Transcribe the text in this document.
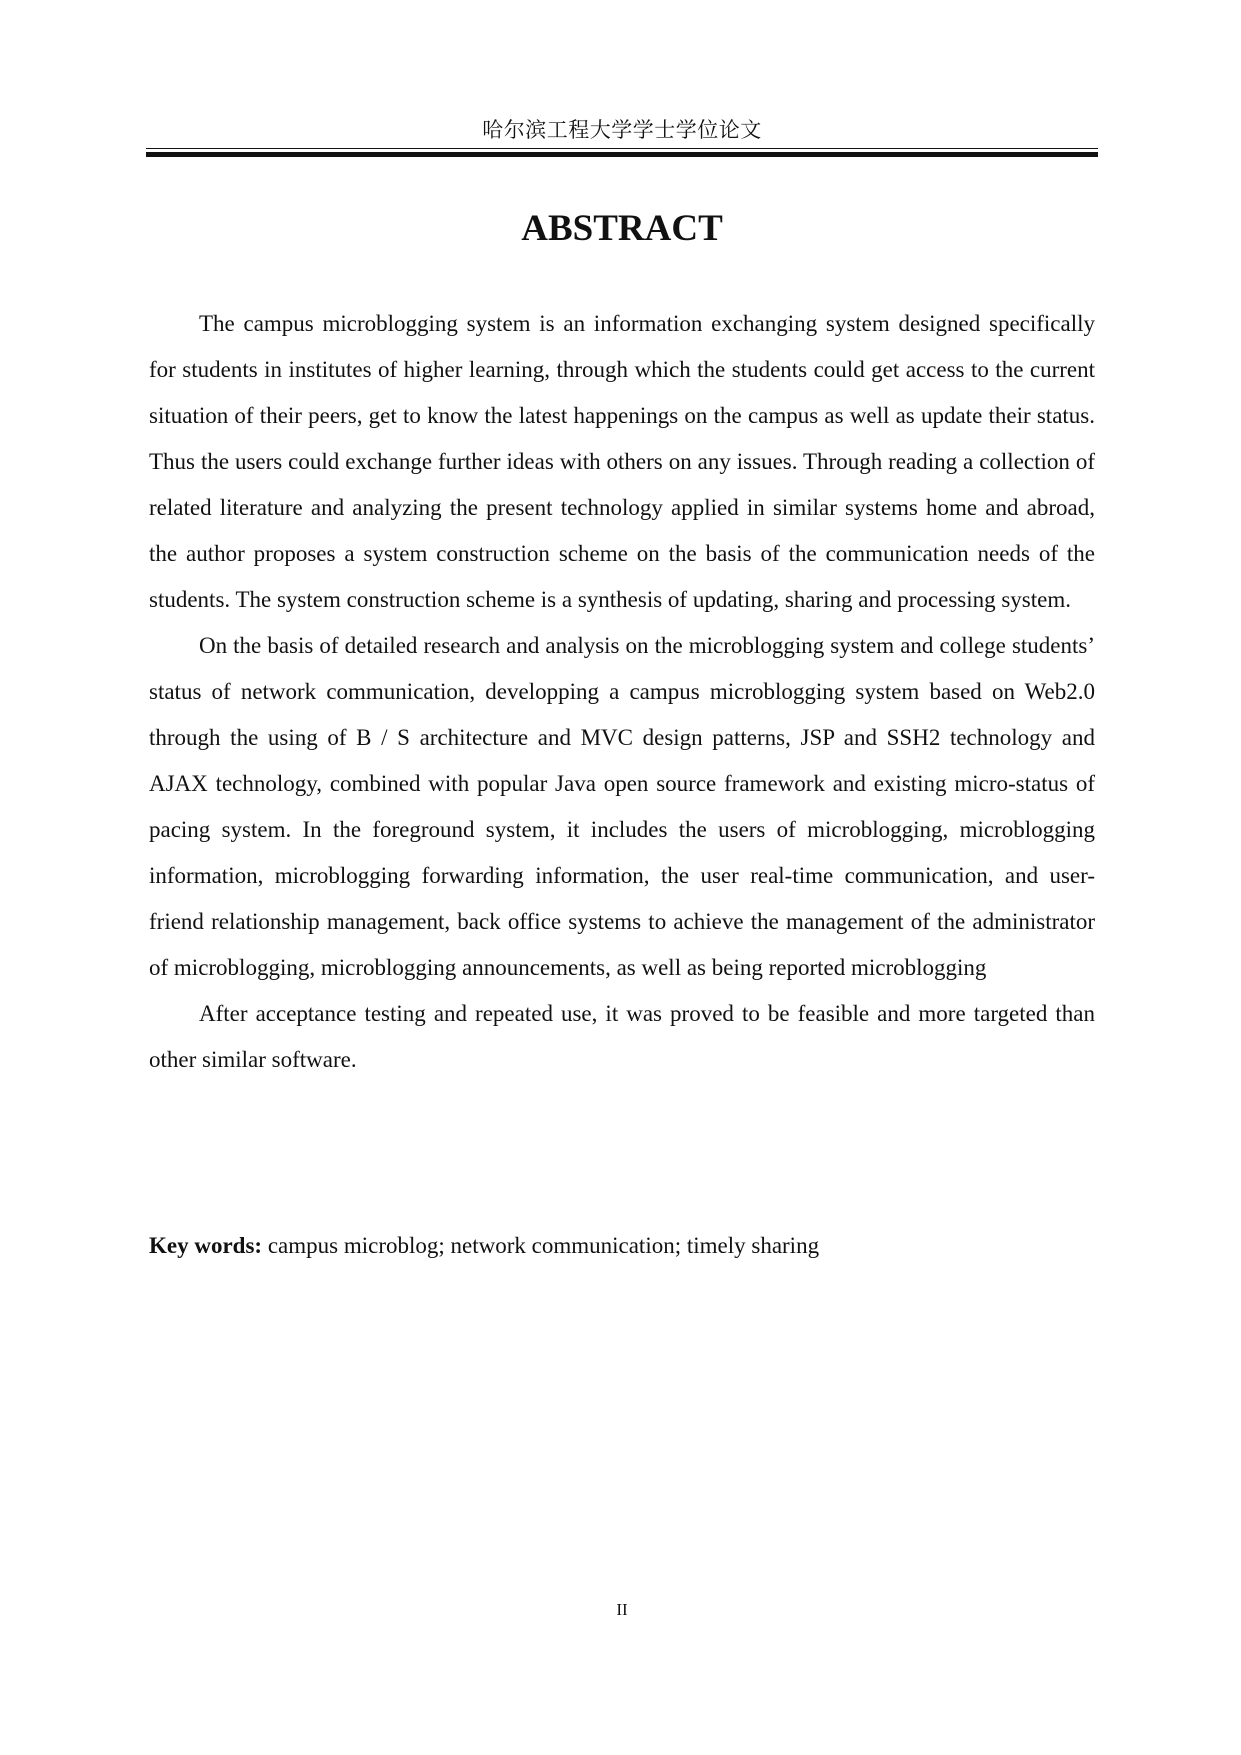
哈尔滨工程大学学士学位论文
ABSTRACT

The campus microblogging system is an information exchanging system designed specifically for students in institutes of higher learning, through which the students could get access to the current situation of their peers, get to know the latest happenings on the campus as well as update their status. Thus the users could exchange further ideas with others on any issues. Through reading a collection of related literature and analyzing the present technology applied in similar systems home and abroad, the author proposes a system construction scheme on the basis of the communication needs of the students. The system construction scheme is a synthesis of updating, sharing and processing system.

On the basis of detailed research and analysis on the microblogging system and college students’ status of network communication, developping a campus microblogging system based on Web2.0 through the using of B / S architecture and MVC design patterns, JSP and SSH2 technology and AJAX technology, combined with popular Java open source framework and existing micro-status of pacing system. In the foreground system, it includes the users of microblogging, microblogging information, microblogging forwarding information, the user real-time communication, and user-friend relationship management, back office systems to achieve the management of the administrator of microblogging, microblogging announcements, as well as being reported microblogging

After acceptance testing and repeated use, it was proved to be feasible and more targeted than other similar software.

Key words: campus microblog; network communication; timely sharing

II
